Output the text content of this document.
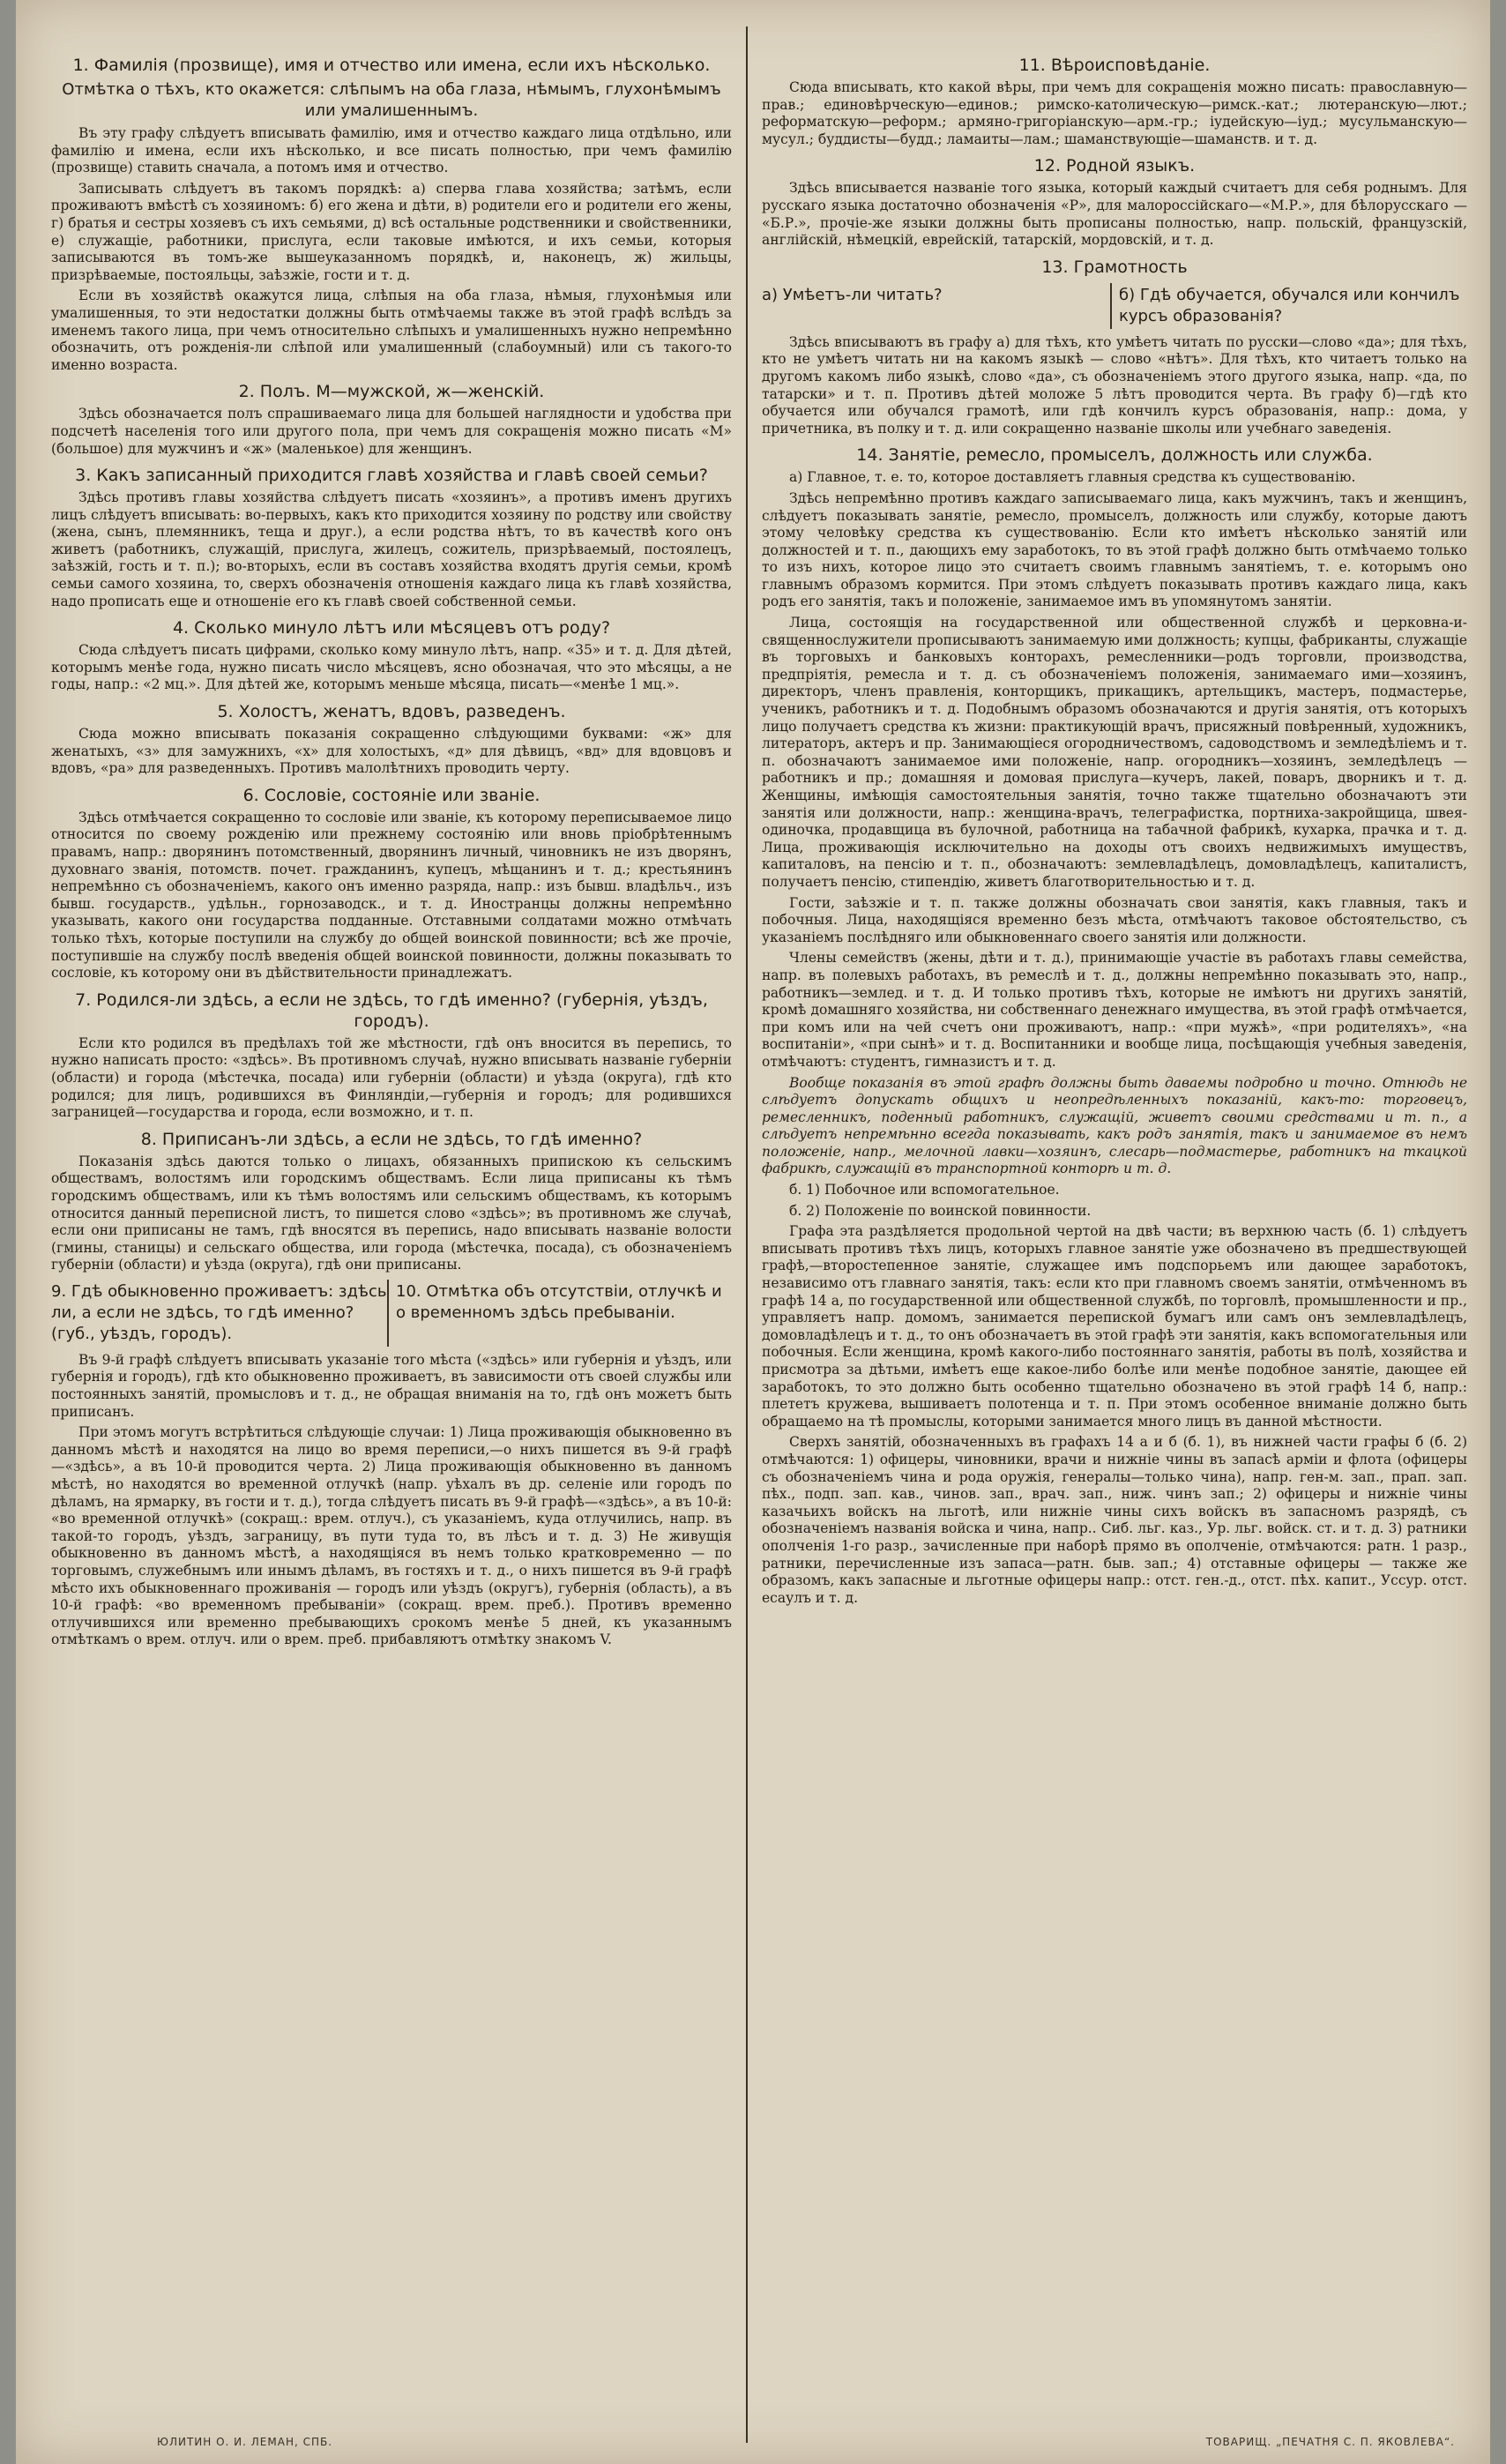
1. Фамилія (прозвище), имя и отчество или имена, если ихъ нѣсколько.
Отмѣтка о тѣхъ, кто окажется: слѣпымъ на оба глаза, нѣмымъ, глухонѣмымъ или умалишеннымъ.

Въ эту графу слѣдуетъ вписывать фамилію, имя и отчество каждаго лица отдѣльно, или фамилію и имена, если ихъ нѣсколько, и все писать полностью, при чемъ фамилію (прозвище) ставить сначала, а потомъ имя и отчество.

Записывать слѣдуетъ въ такомъ порядкѣ: а) сперва глава хозяйства; затѣмъ, если проживаютъ вмѣстѣ съ хозяиномъ: б) его жена и дѣти, в) родители его и родители его жены, г) братья и сестры хозяевъ съ ихъ семьями, д) всѣ остальные родственники и свойственники, е) служащіе, работники, прислуга, если таковые имѣются, и ихъ семьи, которыя записываются въ томъ-же вышеуказанномъ порядкѣ, и, наконецъ, ж) жильцы, призрѣваемые, постояльцы, заѣзжіе, гости и т. д.

Если въ хозяйствѣ окажутся лица, слѣпыя на оба глаза, нѣмыя, глухонѣмыя или умалишенныя, то эти недостатки должны быть отмѣчаемы также въ этой графѣ вслѣдъ за именемъ такого лица, при чемъ относительно слѣпыхъ и умалишенныхъ нужно непремѣнно обозначить, отъ рожденія-ли слѣпой или умалишенный (слабоумный) или съ такого-то именно возраста.

2. Полъ. М—мужской, ж—женскій.

Здѣсь обозначается полъ спрашиваемаго лица для большей наглядности и удобства при подсчетѣ населенія того или другого пола, при чемъ для сокращенія можно писать «М» (большое) для мужчинъ и «ж» (маленькое) для женщинъ.

3. Какъ записанный приходится главѣ хозяйства и главѣ своей семьи?

Здѣсь противъ главы хозяйства слѣдуетъ писать «хозяинъ», а противъ именъ другихъ лицъ слѣдуетъ вписывать: во-первыхъ, какъ кто приходится хозяину по родству или свойству (жена, сынъ, племянникъ, теща и друг.), а если родства нѣтъ, то въ качествѣ кого онъ живетъ (работникъ, служащій, прислуга, жилецъ, сожитель, призрѣваемый, постоялецъ, заѣзжій, гость и т. п.); во-вторыхъ, если въ составъ хозяйства входятъ другія семьи, кромѣ семьи самого хозяина, то, сверхъ обозначенія отношенія каждаго лица къ главѣ хозяйства, надо прописать еще и отношеніе его къ главѣ своей собственной семьи.

4. Сколько минуло лѣтъ или мѣсяцевъ отъ роду?

Сюда слѣдуетъ писать цифрами, сколько кому минуло лѣтъ, напр. «35» и т. д. Для дѣтей, которымъ менѣе года, нужно писать число мѣсяцевъ, ясно обозначая, что это мѣсяцы, а не годы, напр.: «2 мц.». Для дѣтей же, которымъ меньше мѣсяца, писать—«менѣе 1 мц.».

5. Холостъ, женатъ, вдовъ, разведенъ.

Сюда можно вписывать показанія сокращенно слѣдующими буквами: «ж» для женатыхъ, «з» для замужнихъ, «х» для холостыхъ, «д» для дѣвицъ, «вд» для вдовцовъ и вдовъ, «ра» для разведенныхъ. Противъ малолѣтнихъ проводить черту.

6. Сословіе, состояніе или званіе.

Здѣсь отмѣчается сокращенно то сословіе или званіе, къ которому переписываемое лицо относится по своему рожденію или прежнему состоянію или вновь пріобрѣтеннымъ правамъ, напр.: дворянинъ потомственный, дворянинъ личный, чиновникъ не изъ дворянъ, духовнаго званія, потомств. почет. гражданинъ, купецъ, мѣщанинъ и т. д.; крестьянинъ непремѣнно съ обозначеніемъ, какого онъ именно разряда, напр.: изъ бывш. владѣльч., изъ бывш. государств., удѣльн., горнозаводск., и т. д. Иностранцы должны непремѣнно указывать, какого они государства подданные. Отставными солдатами можно отмѣчать только тѣхъ, которые поступили на службу до общей воинской повинности; всѣ же прочіе, поступившіе на службу послѣ введенія общей воинской повинности, должны показывать то сословіе, къ которому они въ дѣйствительности принадлежатъ.

7. Родился-ли здѣсь, а если не здѣсь, то гдѣ именно? (губернія, уѣздъ, городъ).

Если кто родился въ предѣлахъ той же мѣстности, гдѣ онъ вносится въ перепись, то нужно написать просто: «здѣсь». Въ противномъ случаѣ, нужно вписывать названіе губерніи (области) и города (мѣстечка, посада) или губерніи (области) и уѣзда (округа), гдѣ кто родился; для лицъ, родившихся въ Финляндіи,—губернія и городъ; для родившихся заграницей—государства и города, если возможно, и т. п.

8. Приписанъ-ли здѣсь, а если не здѣсь, то гдѣ именно?

Показанія здѣсь даются только о лицахъ, обязанныхъ припискою къ сельскимъ обществамъ, волостямъ или городскимъ обществамъ. Если лица приписаны къ тѣмъ городскимъ обществамъ, или къ тѣмъ волостямъ или сельскимъ обществамъ, къ которымъ относится данный переписной листъ, то пишется слово «здѣсь»; въ противномъ же случаѣ, если они приписаны не тамъ, гдѣ вносятся въ перепись, надо вписывать названіе волости (гмины, станицы) и сельскаго общества, или города (мѣстечка, посада), съ обозначеніемъ губерніи (области) и уѣзда (округа), гдѣ они приписаны.

9. Гдѣ обыкновенно проживаетъ: здѣсь ли, а если не здѣсь, то гдѣ именно? (губ., уѣздъ, городъ).
10. Отмѣтка объ отсутствіи, отлучкѣ и о временномъ здѣсь пребываніи.

Въ 9-й графѣ слѣдуетъ вписывать указаніе того мѣста («здѣсь» или губернія и уѣздъ, или губернія и городъ), гдѣ кто обыкновенно проживаетъ, въ зависимости отъ своей службы или постоянныхъ занятій, промысловъ и т. д., не обращая вниманія на то, гдѣ онъ можетъ быть приписанъ.

При этомъ могутъ встрѣтиться слѣдующіе случаи: 1) Лица проживающія обыкновенно въ данномъ мѣстѣ и находятся на лицо во время переписи,—о нихъ пишется въ 9-й графѣ—«здѣсь», а въ 10-й проводится черта. 2) Лица проживающія обыкновенно въ данномъ мѣстѣ, но находятся во временной отлучкѣ (напр. уѣхалъ въ др. селеніе или городъ по дѣламъ, на ярмарку, въ гости и т. д.), тогда слѣдуетъ писать въ 9-й графѣ—«здѣсь», а въ 10-й: «во временной отлучкѣ» (сокращ.: врем. отлуч.), съ указаніемъ, куда отлучились, напр. въ такой-то городъ, уѣздъ, заграницу, въ пути туда то, въ лѣсъ и т. д. 3) Не живущія обыкновенно въ данномъ мѣстѣ, а находящіяся въ немъ только кратковременно — по торговымъ, служебнымъ или инымъ дѣламъ, въ гостяхъ и т. д., о нихъ пишется въ 9-й графѣ мѣсто ихъ обыкновеннаго проживанія — городъ или уѣздъ (округъ), губернія (область), а въ 10-й графѣ: «во временномъ пребываніи» (сокращ. врем. преб.). Противъ временно отлучившихся или временно пребывающихъ срокомъ менѣе 5 дней, къ указаннымъ отмѣткамъ о врем. отлуч. или о врем. преб. прибавляютъ отмѣтку знакомъ V.

11. Вѣроисповѣданіе.

Сюда вписывать, кто какой вѣры, при чемъ для сокращенія можно писать: православную—прав.; единовѣрческую—единов.; римско-католическую—римск.-кат.; лютеранскую—лют.; реформатскую—реформ.; армяно-григоріанскую—арм.-гр.; іудейскую—іуд.; мусульманскую—мусул.; буддисты—будд.; ламаиты—лам.; шаманствующіе—шаманств. и т. д.

12. Родной языкъ.

Здѣсь вписывается названіе того языка, который каждый считаетъ для себя роднымъ. Для русскаго языка достаточно обозначенія «Р», для малороссійскаго—«М.Р.», для бѣлорусскаго — «Б.Р.», прочіе-же языки должны быть прописаны полностью, напр. польскій, французскій, англійскій, нѣмецкій, еврейскій, татарскій, мордовскій, и т. д.

13. Грамотность
а) Умѣетъ-ли читать?	б) Гдѣ обучается, обучался или кончилъ курсъ образованія?

Здѣсь вписываютъ въ графу а) для тѣхъ, кто умѣетъ читать по русски—слово «да»; для тѣхъ, кто не умѣетъ читать ни на какомъ языкѣ — слово «нѣтъ». Для тѣхъ, кто читаетъ только на другомъ какомъ либо языкѣ, слово «да», съ обозначеніемъ этого другого языка, напр. «да, по татарски» и т. п. Противъ дѣтей моложе 5 лѣтъ проводится черта. Въ графу б)—гдѣ кто обучается или обучался грамотѣ, или гдѣ кончилъ курсъ образованія, напр.: дома, у причетника, въ полку и т. д. или сокращенно названіе школы или учебнаго заведенія.

14. Занятіе, ремесло, промыселъ, должность или служба.

а) Главное, т. е. то, которое доставляетъ главныя средства къ существованію.

Здѣсь непремѣнно противъ каждаго записываемаго лица, какъ мужчинъ, такъ и женщинъ, слѣдуетъ показывать занятіе, ремесло, промыселъ, должность или службу, которые даютъ этому человѣку средства къ существованію. Если кто имѣетъ нѣсколько занятій или должностей и т. п., дающихъ ему заработокъ, то въ этой графѣ должно быть отмѣчаемо только то изъ нихъ, которое лицо это считаетъ своимъ главнымъ занятіемъ, т. е. которымъ оно главнымъ образомъ кормится. При этомъ слѣдуетъ показывать противъ каждаго лица, какъ родъ его занятія, такъ и положеніе, занимаемое имъ въ упомянутомъ занятіи.

Лица, состоящія на государственной или общественной службѣ и церковна-и-священнослужители прописываютъ занимаемую ими должность; купцы, фабриканты, служащіе въ торговыхъ и банковыхъ конторахъ, ремесленники—родъ торговли, производства, предпріятія, ремесла и т. д. съ обозначеніемъ положенія, занимаемаго ими—хозяинъ, директоръ, членъ правленія, конторщикъ, прикащикъ, артельщикъ, мастеръ, подмастерье, ученикъ, работникъ и т. д. Подобнымъ образомъ обозначаются и другія занятія, отъ которыхъ лицо получаетъ средства къ жизни: практикующій врачъ, присяжный повѣренный, художникъ, литераторъ, актеръ и пр. Занимающіеся огородничествомъ, садоводствомъ и земледѣліемъ и т. п. обозначаютъ занимаемое ими положеніе, напр. огородникъ—хозяинъ, земледѣлецъ — работникъ и пр.; домашняя и домовая прислуга—кучеръ, лакей, поваръ, дворникъ и т. д. Женщины, имѣющія самостоятельныя занятія, точно также тщательно обозначаютъ эти занятія или должности, напр.: женщина-врачъ, телеграфистка, портниха-закройщица, швея-одиночка, продавщица въ булочной, работница на табачной фабрикѣ, кухарка, прачка и т. д. Лица, проживающія исключительно на доходы отъ своихъ недвижимыхъ имуществъ, капиталовъ, на пенсію и т. п., обозначаютъ: землевладѣлецъ, домовладѣлецъ, капиталистъ, получаетъ пенсію, стипендію, живетъ благотворительностью и т. д.

Гости, заѣзжіе и т. п. также должны обозначать свои занятія, какъ главныя, такъ и побочныя. Лица, находящіяся временно безъ мѣста, отмѣчаютъ таковое обстоятельство, съ указаніемъ послѣдняго или обыкновеннаго своего занятія или должности.

Члены семействъ (жены, дѣти и т. д.), принимающіе участіе въ работахъ главы семейства, напр. въ полевыхъ работахъ, въ ремеслѣ и т. д., должны непремѣнно показывать это, напр., работникъ—землед. и т. д. И только противъ тѣхъ, которые не имѣютъ ни другихъ занятій, кромѣ домашняго хозяйства, ни собственнаго денежнаго имущества, въ этой графѣ отмѣчается, при комъ или на чей счетъ они проживаютъ, напр.: «при мужѣ», «при родителяхъ», «на воспитаніи», «при сынѣ» и т. д. Воспитанники и вообще лица, посѣщающія учебныя заведенія, отмѣчаютъ: студентъ, гимназистъ и т. д.

Вообще показанія въ этой графѣ должны быть даваемы подробно и точно. Отнюдь не слѣдуетъ допускать общихъ и неопредѣленныхъ показаній, какъ-то: торговецъ, ремесленникъ, поденный работникъ, служащій, живетъ своими средствами и т. п., а слѣдуетъ непремѣнно всегда показывать, какъ родъ занятія, такъ и занимаемое въ немъ положеніе, напр., мелочной лавки—хозяинъ, слесарь—подмастерье, работникъ на ткацкой фабрикѣ, служащій въ транспортной конторѣ и т. д.

б. 1) Побочное или вспомогательное.

б. 2) Положеніе по воинской повинности.

Графа эта раздѣляется продольной чертой на двѣ части; въ верхнюю часть (б. 1) слѣдуетъ вписывать противъ тѣхъ лицъ, которыхъ главное занятіе уже обозначено въ предшествующей графѣ,—второстепенное занятіе, служащее имъ подспорьемъ или дающее заработокъ, независимо отъ главнаго занятія, такъ: если кто при главномъ своемъ занятіи, отмѣченномъ въ графѣ 14 а, по государственной или общественной службѣ, по торговлѣ, промышленности и пр., управляетъ напр. домомъ, занимается перепиской бумагъ или самъ онъ землевладѣлецъ, домовладѣлецъ и т. д., то онъ обозначаетъ въ этой графѣ эти занятія, какъ вспомогательныя или побочныя. Если женщина, кромѣ какого-либо постояннаго занятія, работы въ полѣ, хозяйства и присмотра за дѣтьми, имѣетъ еще какое-либо болѣе или менѣе подобное занятіе, дающее ей заработокъ, то это должно быть особенно тщательно обозначено въ этой графѣ 14 б, напр.: плететъ кружева, вышиваетъ полотенца и т. п. При этомъ особенное вниманіе должно быть обращаемо на тѣ промыслы, которыми занимается много лицъ въ данной мѣстности.

Сверхъ занятій, обозначенныхъ въ графахъ 14 а и б (б. 1), въ нижней части графы б (б. 2) отмѣчаются: 1) офицеры, чиновники, врачи и нижніе чины въ запасѣ арміи и флота (офицеры съ обозначеніемъ чина и рода оружія, генералы—только чина), напр. ген-м. зап., прап. зап. пѣх., подп. зап. кав., чинов. зап., врач. зап., ниж. чинъ зап.; 2) офицеры и нижніе чины казачьихъ войскъ на льготѣ, или нижніе чины сихъ войскъ въ запасномъ разрядѣ, съ обозначеніемъ названія войска и чина, напр.. Сиб. льг. каз., Ур. льг. войск. ст. и т. д. 3) ратники ополченія 1-го разр., зачисленные при наборѣ прямо въ ополченіе, отмѣчаются: ратн. 1 разр., ратники, перечисленные изъ запаса—ратн. быв. зап.; 4) отставные офицеры — также же образомъ, какъ запасные и льготные офицеры напр.: отст. ген.-д., отст. пѣх. капит., Уссур. отст. есаулъ и т. д.

ЮЛИТИН О. И. ЛЕМАН, СПБ.	ТОВАРИЩ. „ПЕЧАТНЯ С. П. ЯКОВЛЕВА“.
